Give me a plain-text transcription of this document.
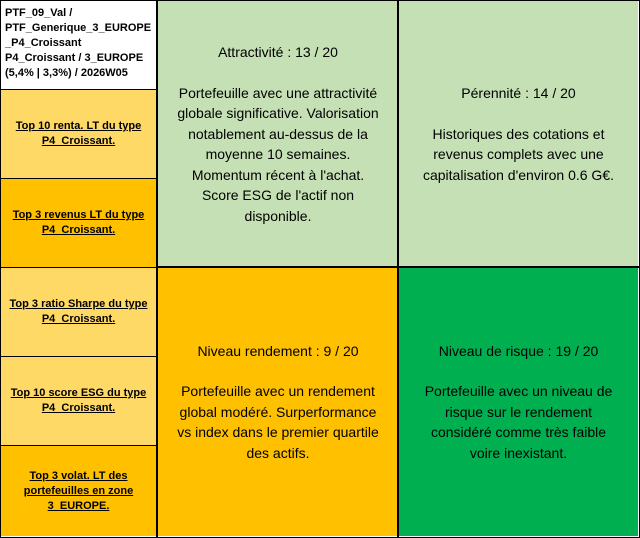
PTF_09_Val /
PTF_Generique_3_EUROPE
_P4_Croissant
P4_Croissant / 3_EUROPE
(5,4% | 3,3%) / 2026W05
Top 10 renta. LT du type P4_Croissant.
Top 3 revenus LT du type P4_Croissant.
Top 3 ratio Sharpe du type P4_Croissant.
Top 10 score ESG du type P4_Croissant.
Top 3 volat. LT des portefeuilles en zone 3_EUROPE.
Attractivité : 13 / 20
Portefeuille avec une attractivité
globale significative. Valorisation
notablement au-dessus de la
moyenne 10 semaines.
Momentum récent à l'achat.
Score ESG de l'actif non
disponible.
Pérennité : 14 / 20
Historiques des cotations et
revenus complets avec une
capitalisation d'environ 0.6 G€.
Niveau rendement : 9 / 20
Portefeuille avec un rendement
global modéré. Surperformance
vs index dans le premier quartile
des actifs.
Niveau de risque : 19 / 20
Portefeuille avec un niveau de
risque sur le rendement
considéré comme très faible
voire inexistant.
